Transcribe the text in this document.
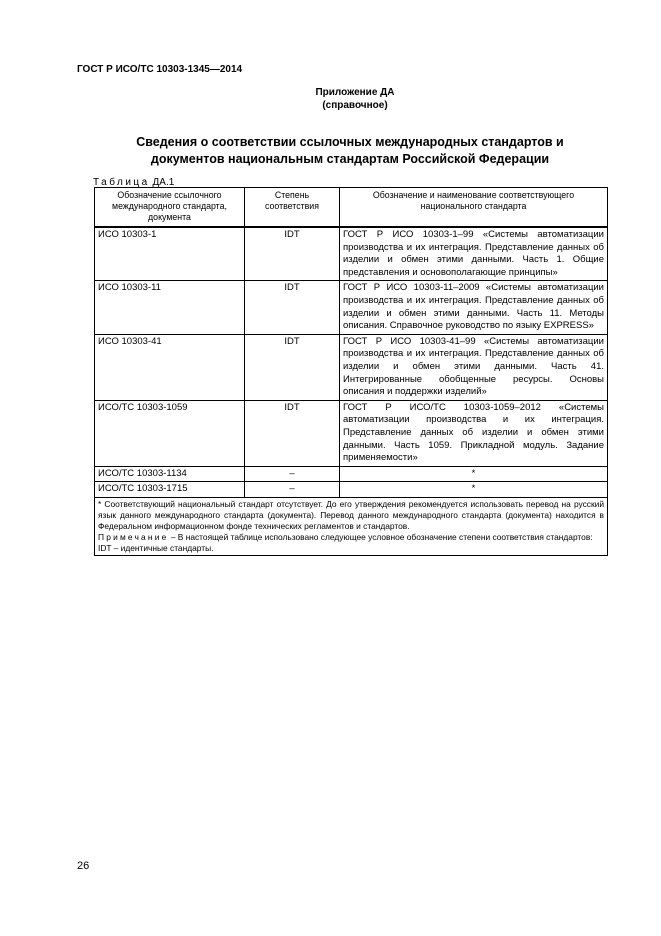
ГОСТ Р ИСО/ТС 10303-1345—2014
Приложение ДА
(справочное)
Сведения о соответствии ссылочных международных стандартов и
документов национальным стандартам Российской Федерации
Таблица ДА.1
Обозначение ссылочного международного стандарта, документа	Степень соответствия	Обозначение и наименование соответствующего национального стандарта
ИСО 10303-1	IDT	ГОСТ Р ИСО 10303-1–99 «Системы автоматизации производства и их интеграция. Представление данных об изделии и обмен этими данными. Часть 1. Общие представления и основополагающие принципы»
ИСО 10303-11	IDT	ГОСТ Р ИСО 10303-11–2009 «Системы автоматизации производства и их интеграция. Представление данных об изделии и обмен этими данными. Часть 11. Методы описания. Справочное руководство по языку EXPRESS»
ИСО 10303-41	IDT	ГОСТ Р ИСО 10303-41–99 «Системы автоматизации производства и их интеграция. Представление данных об изделии и обмен этими данными. Часть 41. Интегрированные обобщенные ресурсы. Основы описания и поддержки изделий»
ИСО/ТС 10303-1059	IDT	ГОСТ Р ИСО/ТС 10303-1059–2012 «Системы автоматизации производства и их интеграция. Представление данных об изделии и обмен этими данными. Часть 1059. Прикладной модуль. Задание применяемости»
ИСО/ТС 10303-1134	–	*
ИСО/ТС 10303-1715	–	*

* Соответствующий национальный стандарт отсутствует. До его утверждения рекомендуется использовать перевод на русский язык данного международного стандарта (документа). Перевод данного международного стандарта (документа) находится в Федеральном информационном фонде технических регламентов и стандартов.
Примечание – В настоящей таблице использовано следующее условное обозначение степени соответствия стандартов:
IDT – идентичные стандарты.		
26
